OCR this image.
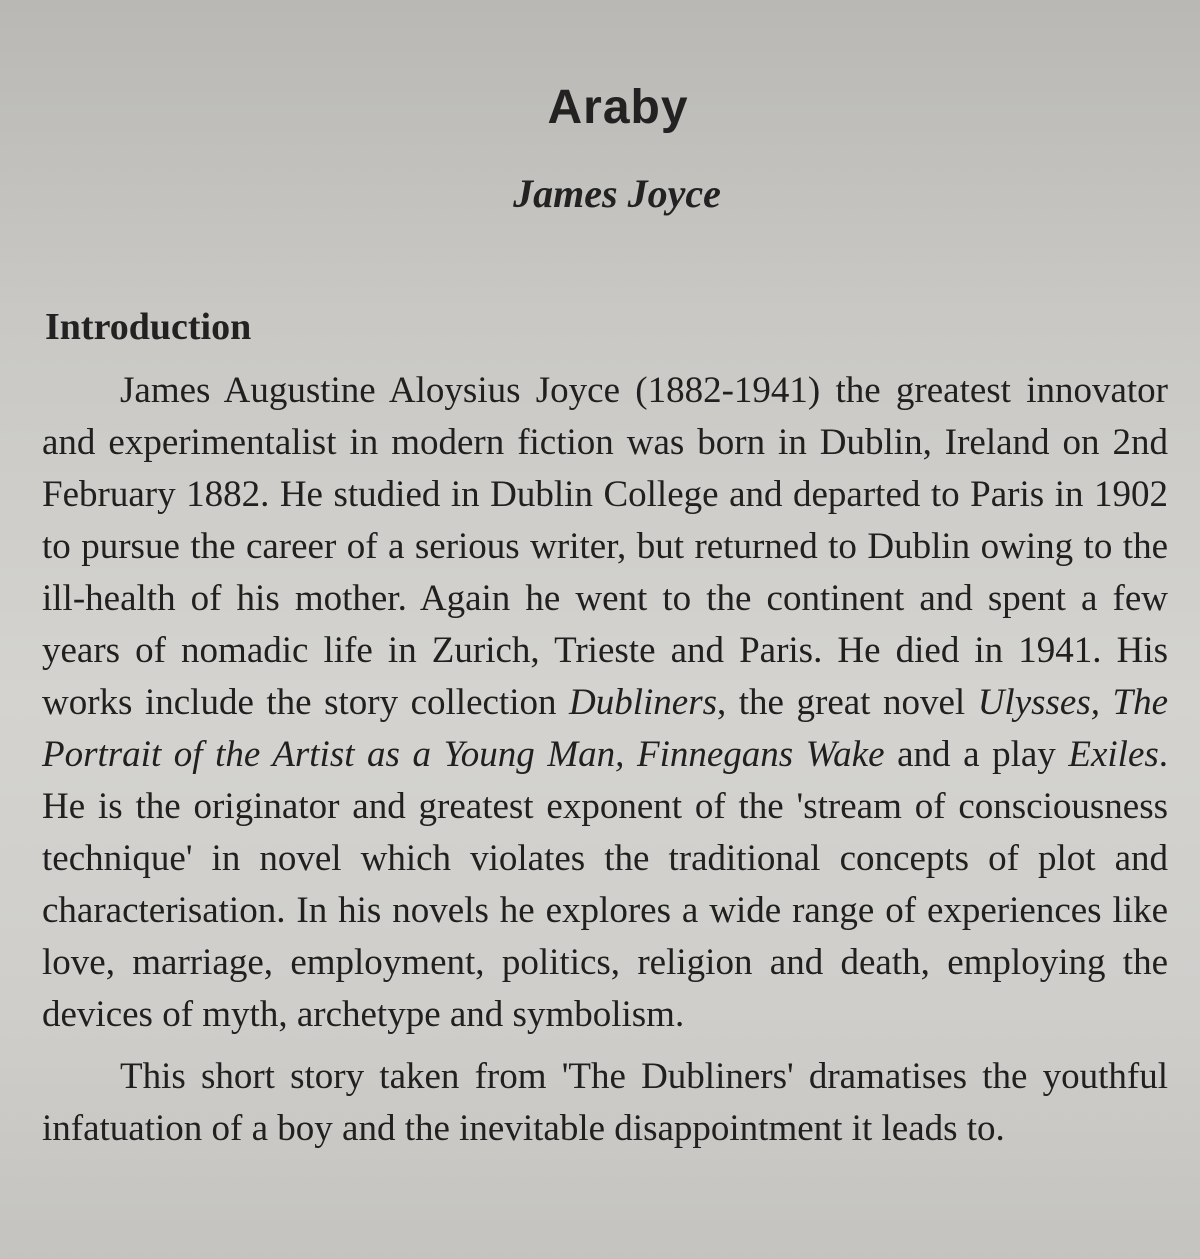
Araby
James Joyce
Introduction

James Augustine Aloysius Joyce (1882-1941) the greatest innovator and experimentalist in modern fiction was born in Dublin, Ireland on 2nd February 1882. He studied in Dublin College and departed to Paris in 1902 to pursue the career of a serious writer, but returned to Dublin owing to the ill-health of his mother. Again he went to the continent and spent a few years of nomadic life in Zurich, Trieste and Paris. He died in 1941. His works include the story collection Dubliners, the great novel Ulysses, The Portrait of the Artist as a Young Man, Finnegans Wake and a play Exiles. He is the originator and greatest exponent of the 'stream of consciousness technique' in novel which violates the traditional concepts of plot and characterisation. In his novels he explores a wide range of experiences like love, marriage, employment, politics, religion and death, employing the devices of myth, archetype and symbolism.

This short story taken from 'The Dubliners' dramatises the youthful infatuation of a boy and the inevitable disappointment it leads to.
